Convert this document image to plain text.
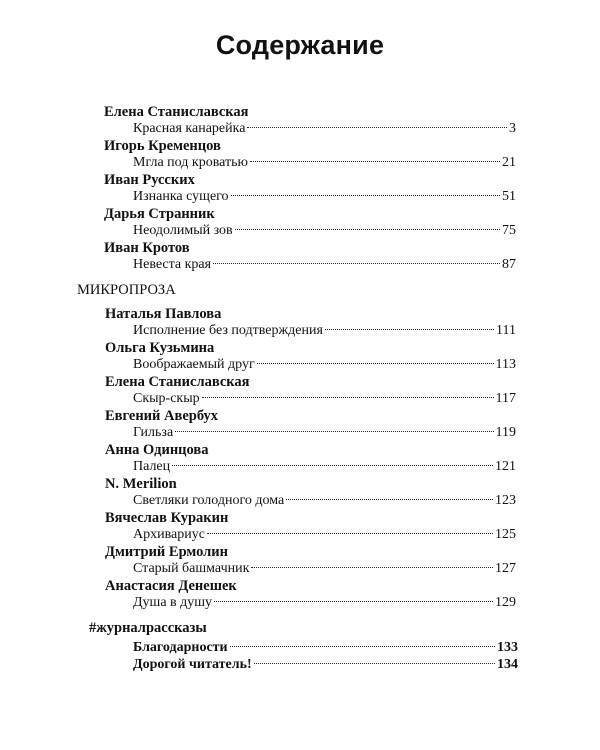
Содержание
Елена Станиславская
Красная канарейка	3
Игорь Кременцов
Мгла под кроватью	21
Иван Русских
Изнанка сущего	51
Дарья Странник
Неодолимый зов	75
Иван Кротов
Невеста края	87
МИКРОПРОЗА
Наталья Павлова
Исполнение без подтверждения	111
Ольга Кузьмина
Воображаемый друг	113
Елена Станиславская
Скыр-скыр	117
Евгений Авербух
Гильза	119
Анна Одинцова
Палец	121
N. Merilion
Светляки голодного дома	123
Вячеслав Куракин
Архивариус	125
Дмитрий Ермолин
Старый башмачник	127
Анастасия Денешек
Душа в душу	129
#журналрассказы
Благодарности	133
Дорогой читатель!	134
